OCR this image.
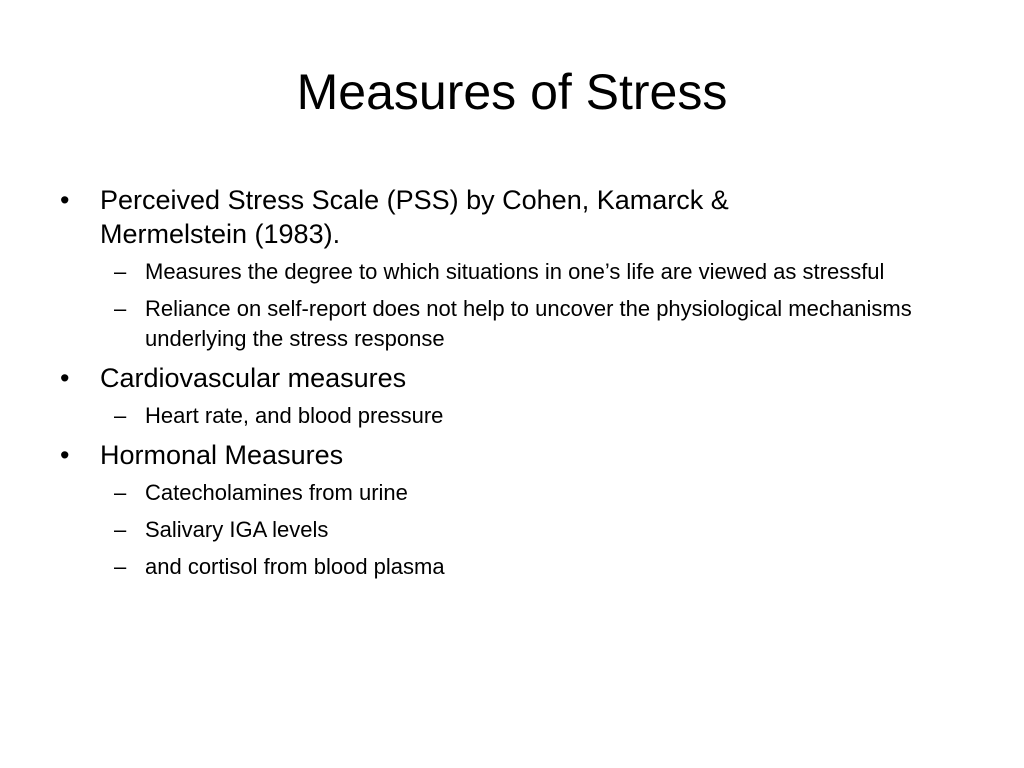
Measures of Stress
•	Perceived Stress Scale (PSS) by Cohen, Kamarck & Mermelstein (1983).
– Measures the degree to which situations in one’s life are viewed as stressful
– Reliance on self-report does not help to uncover the physiological mechanisms underlying the stress response
•	Cardiovascular measures
– Heart rate, and blood pressure
•	Hormonal Measures
– Catecholamines from urine
– Salivary IGA levels
– and cortisol from blood plasma
